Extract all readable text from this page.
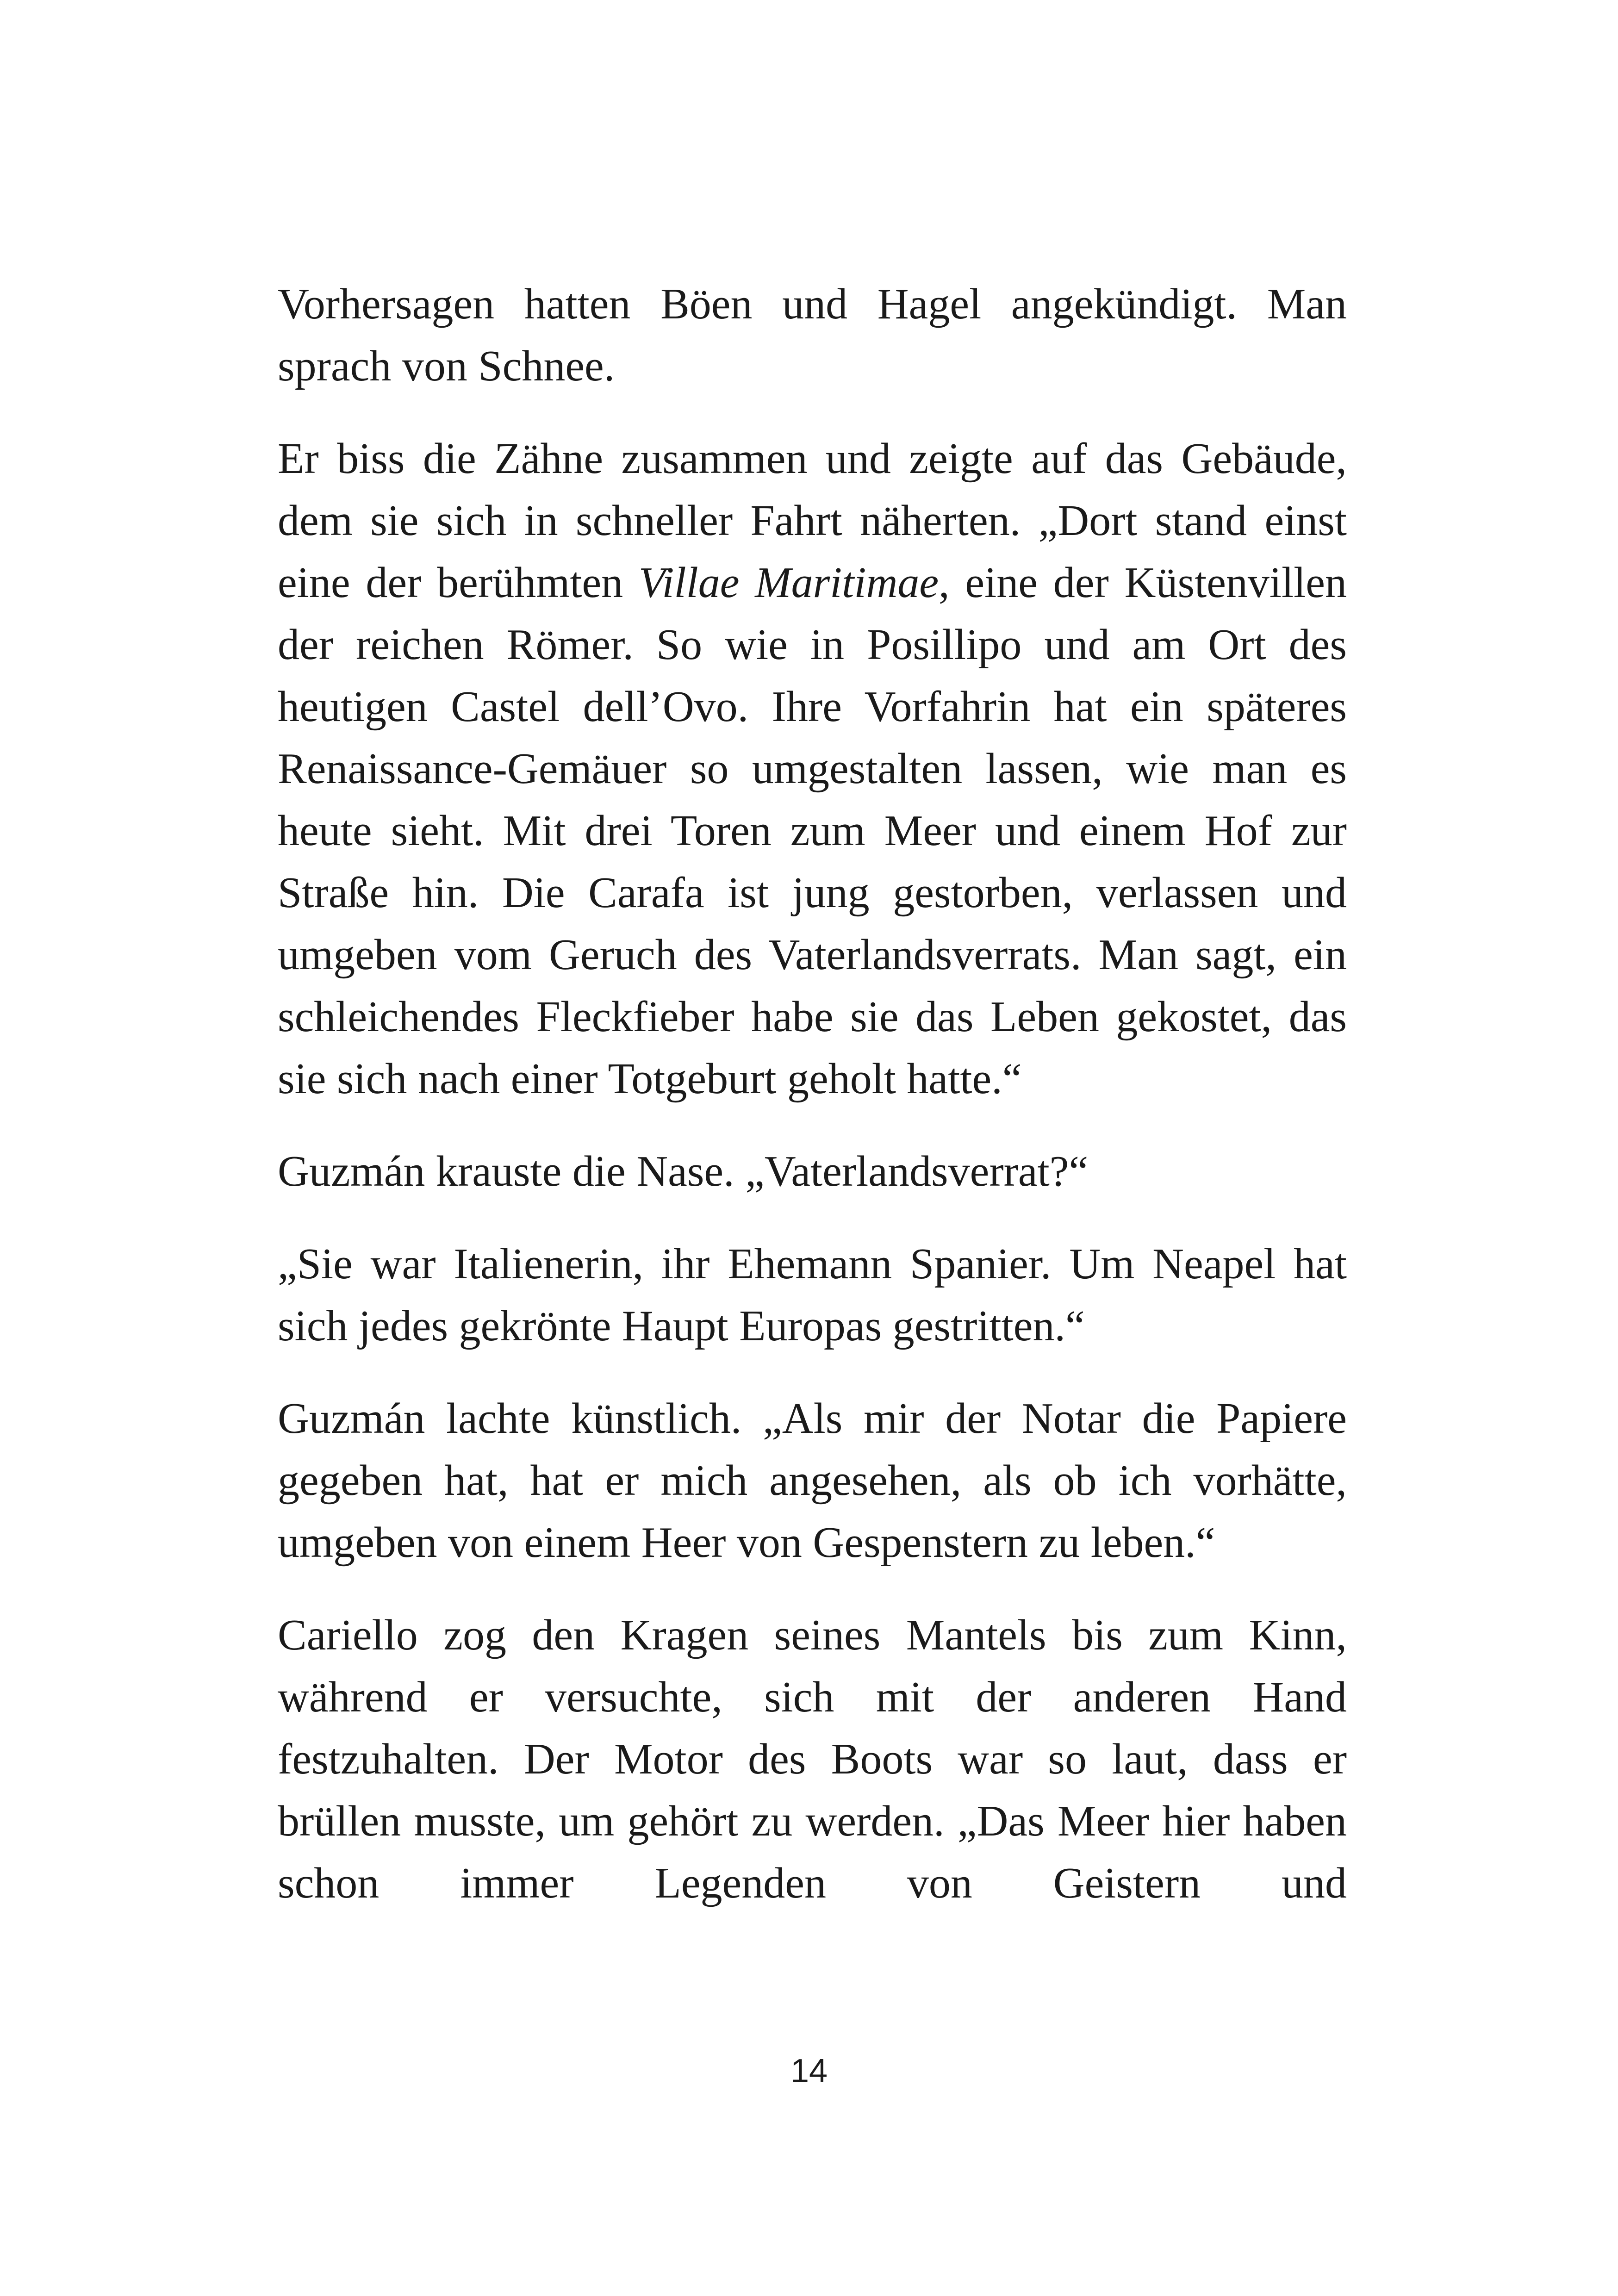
Vorhersagen hatten Böen und Hagel angekündigt. Man sprach von Schnee.

Er biss die Zähne zusammen und zeigte auf das Gebäude, dem sie sich in schneller Fahrt näherten. „Dort stand einst eine der berühmten Villae Maritimae, eine der Küstenvillen der reichen Römer. So wie in Posillipo und am Ort des heutigen Castel dell’Ovo. Ihre Vorfahrin hat ein späteres Renaissance-Gemäuer so umgestalten lassen, wie man es heute sieht. Mit drei Toren zum Meer und einem Hof zur Straße hin. Die Carafa ist jung gestorben, verlassen und umgeben vom Geruch des Vaterlandsverrats. Man sagt, ein schleichendes Fleckfieber habe sie das Leben gekostet, das sie sich nach einer Totgeburt geholt hatte.“

Guzmán krauste die Nase. „Vaterlandsverrat?“

„Sie war Italienerin, ihr Ehemann Spanier. Um Neapel hat sich jedes gekrönte Haupt Europas gestritten.“

Guzmán lachte künstlich. „Als mir der Notar die Papiere gegeben hat, hat er mich angesehen, als ob ich vorhätte, umgeben von einem Heer von Gespenstern zu leben.“

Cariello zog den Kragen seines Mantels bis zum Kinn, während er versuchte, sich mit der anderen Hand festzuhalten. Der Motor des Boots war so laut, dass er brüllen musste, um gehört zu werden. „Das Meer hier haben schon immer Legenden von Geistern und

14
